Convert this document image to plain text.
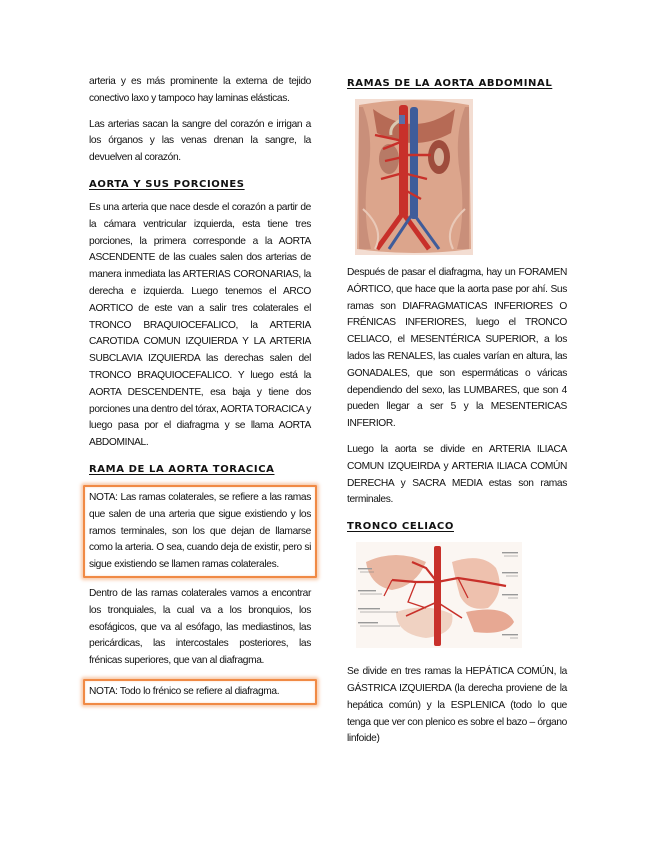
arteria y es más prominente la externa de tejido conectivo laxo y tampoco hay laminas elásticas.

Las arterias sacan la sangre del corazón e irrigan a los órganos y las venas drenan la sangre, la devuelven al corazón.

AORTA Y SUS PORCIONES

Es una arteria que nace desde el corazón a partir de la cámara ventricular izquierda, esta tiene tres porciones, la primera corresponde a la AORTA ASCENDENTE de las cuales salen dos arterias de manera inmediata las ARTERIAS CORONARIAS, la derecha e izquierda. Luego tenemos el ARCO AORTICO de este van a salir tres colaterales el TRONCO BRAQUIOCEFALICO, la ARTERIA CAROTIDA COMUN IZQUIERDA Y LA ARTERIA SUBCLAVIA IZQUIERDA las derechas salen del TRONCO BRAQUIOCEFALICO. Y luego está la AORTA DESCENDENTE, esa baja y tiene dos porciones una dentro del tórax, AORTA TORACICA y luego pasa por el diafragma y se llama AORTA ABDOMINAL.

RAMA DE LA AORTA TORACICA

NOTA: Las ramas colaterales, se refiere a las ramas que salen de una arteria que sigue existiendo y los ramos terminales, son los que dejan de llamarse como la arteria. O sea, cuando deja de existir, pero si sigue existiendo se llamen ramas colaterales.

Dentro de las ramas colaterales vamos a encontrar los tronquiales, la cual va a los bronquios, los esofágicos, que va al esófago, las mediastinos, las pericárdicas, las intercostales posteriores, las frénicas superiores, que van al diafragma.

NOTA: Todo lo frénico se refiere al diafragma.

RAMAS DE LA AORTA ABDOMINAL

Después de pasar el diafragma, hay un FORAMEN AÓRTICO, que hace que la aorta pase por ahí. Sus ramas son DIAFRAGMATICAS INFERIORES O FRÉNICAS INFERIORES, luego el TRONCO CELIACO, el MESENTÉRICA SUPERIOR, a los lados las RENALES, las cuales varían en altura, las GONADALES, que son espermáticas o váricas dependiendo del sexo, las LUMBARES, que son 4 pueden llegar a ser 5 y la MESENTERICAS INFERIOR.

Luego la aorta se divide en ARTERIA ILIACA COMUN IZQUEIRDA y ARTERIA ILIACA COMÚN DERECHA y SACRA MEDIA estas son ramas terminales.

TRONCO CELIACO

Se divide en tres ramas la HEPÁTICA COMÚN, la GÁSTRICA IZQUIERDA (la derecha proviene de la hepática común) y la ESPLENICA (todo lo que tenga que ver con plenico es sobre el bazo – órgano linfoide)
